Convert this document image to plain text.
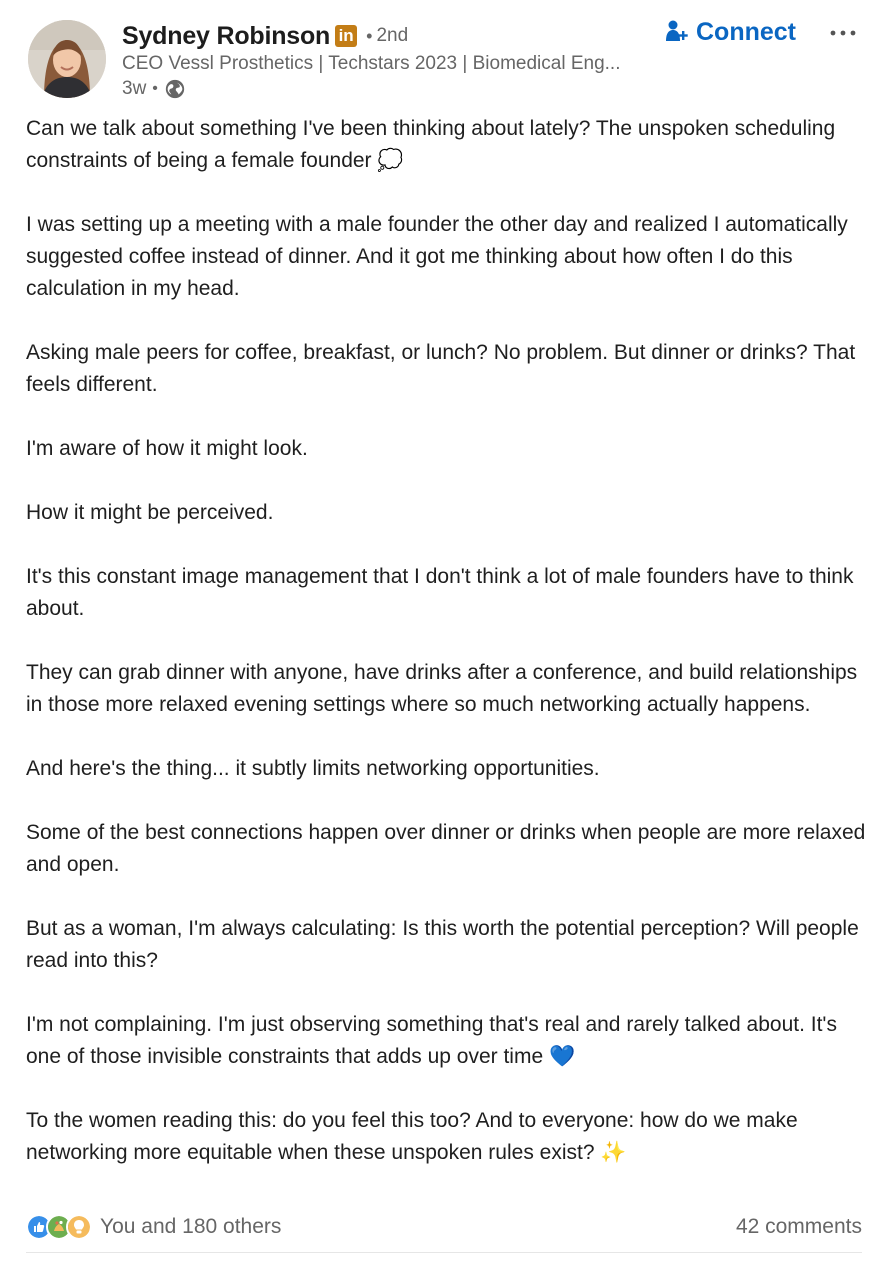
Sydney Robinson in • 2nd
CEO Vessl Prosthetics | Techstars 2023 | Biomedical Eng...
3w •
Connect

Can we talk about something I've been thinking about lately? The unspoken scheduling constraints of being a female founder 💭

I was setting up a meeting with a male founder the other day and realized I automatically suggested coffee instead of dinner. And it got me thinking about how often I do this calculation in my head.

Asking male peers for coffee, breakfast, or lunch? No problem. But dinner or drinks? That feels different.

I'm aware of how it might look.

How it might be perceived.

It's this constant image management that I don't think a lot of male founders have to think about.

They can grab dinner with anyone, have drinks after a conference, and build relationships in those more relaxed evening settings where so much networking actually happens.

And here's the thing... it subtly limits networking opportunities.

Some of the best connections happen over dinner or drinks when people are more relaxed and open.

But as a woman, I'm always calculating: Is this worth the potential perception? Will people read into this?

I'm not complaining. I'm just observing something that's real and rarely talked about. It's one of those invisible constraints that adds up over time 💙

To the women reading this: do you feel this too? And to everyone: how do we make networking more equitable when these unspoken rules exist? ✨

You and 180 others	42 comments
